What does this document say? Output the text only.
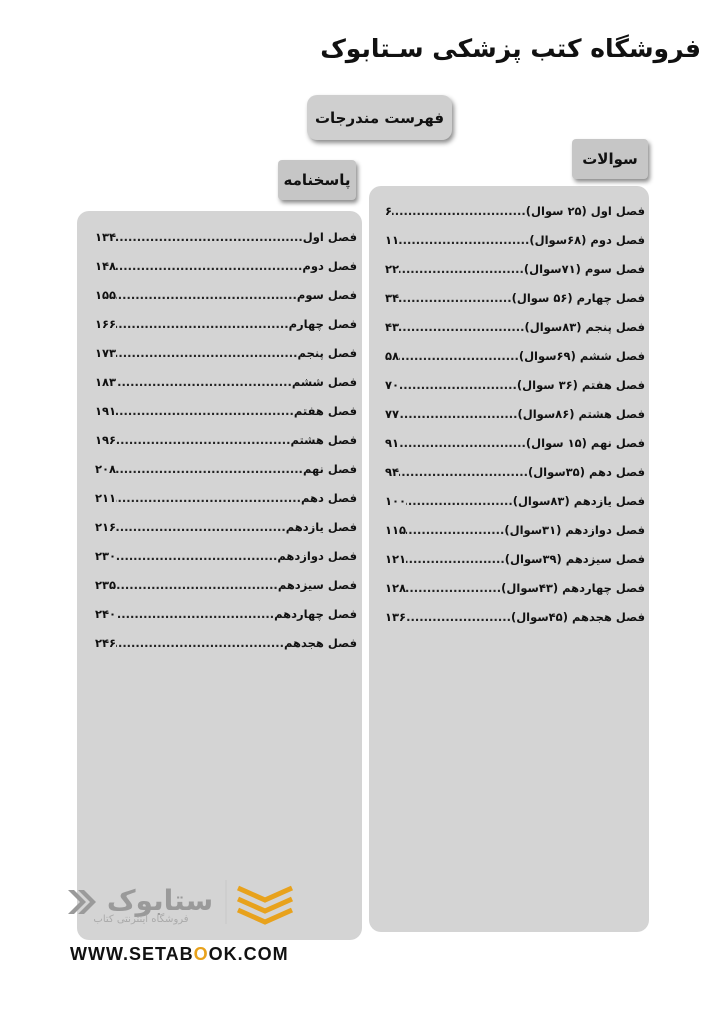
فروشگاه کتب پزشکی سـتابوک
فهرست مندرجات
پاسخنامه
سوالات
فصل اول
.....
۱۳۴
فصل دوم
.....
۱۴۸
فصل سوم
.....
۱۵۵
فصل چهارم
.....
۱۶۶
فصل پنجم
.....
۱۷۳
فصل ششم
.....
۱۸۳
فصل هفتم
.....
۱۹۱
فصل هشتم
.....
۱۹۶
فصل نهم
.....
۲۰۸
فصل دهم
.....
۲۱۱
فصل یازدهم
.....
۲۱۶
فصل دوازدهم
.....
۲۳۰
فصل سیزدهم
.....
۲۳۵
فصل چهاردهم
.....
۲۴۰
فصل هجدهم
.....
۲۴۶
فصل اول (۲۵ سوال)
.....
۶
فصل دوم (۶۸سوال)
.....
۱۱
فصل سوم (۷۱سوال)
.....
۲۲
فصل چهارم (۵۶ سوال)
.....
۳۴
فصل پنجم (۸۳سوال)
.....
۴۳
فصل ششم (۶۹سوال)
.....
۵۸
فصل هفتم (۳۶ سوال)
.....
۷۰
فصل هشتم (۸۶سوال)
.....
۷۷
فصل نهم (۱۵ سوال)
.....
۹۱
فصل دهم (۳۵سوال)
.....
۹۴
فصل یازدهم (۸۳سوال)
.....
۱۰۰
فصل دوازدهم (۳۱سوال)
.....
۱۱۵
فصل سیزدهم (۳۹سوال)
.....
۱۲۱
فصل چهاردهم (۴۳سوال)
.....
۱۲۸
فصل هجدهم (۴۵سوال)
.....
۱۳۶
ستابوک
فروشگاه اینترنتی کتاب
WWW.SETABOOK.COM
